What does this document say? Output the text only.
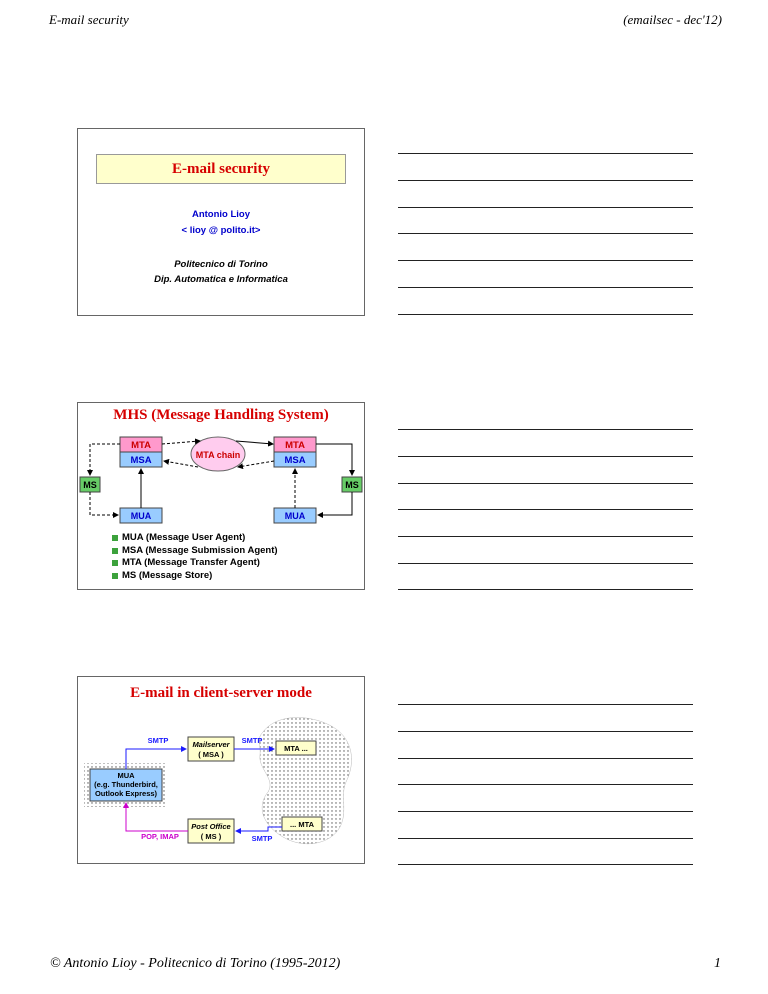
E-mail security	(emailsec - dec'12)
© Antonio Lioy - Politecnico di Torino (1995-2012)	1
E-mail security
Antonio Lioy
< lioy @ polito.it>
Politecnico di Torino
Dip. Automatica e Informatica
MHS (Message Handling System)
MTA
MSA
MTA
MSA
MTA chain
MS	MS
MUA	MUA
MUA (Message User Agent)
MSA (Message Submission Agent)
MTA (Message Transfer Agent)
MS (Message Store)
E-mail in client-server mode
MUA
(e.g. Thunderbird,
Outlook Express)
Mailserver
( MSA )
MTA ...
Post Office
( MS )
... MTA
SMTP	SMTP
SMTP
POP, IMAP
